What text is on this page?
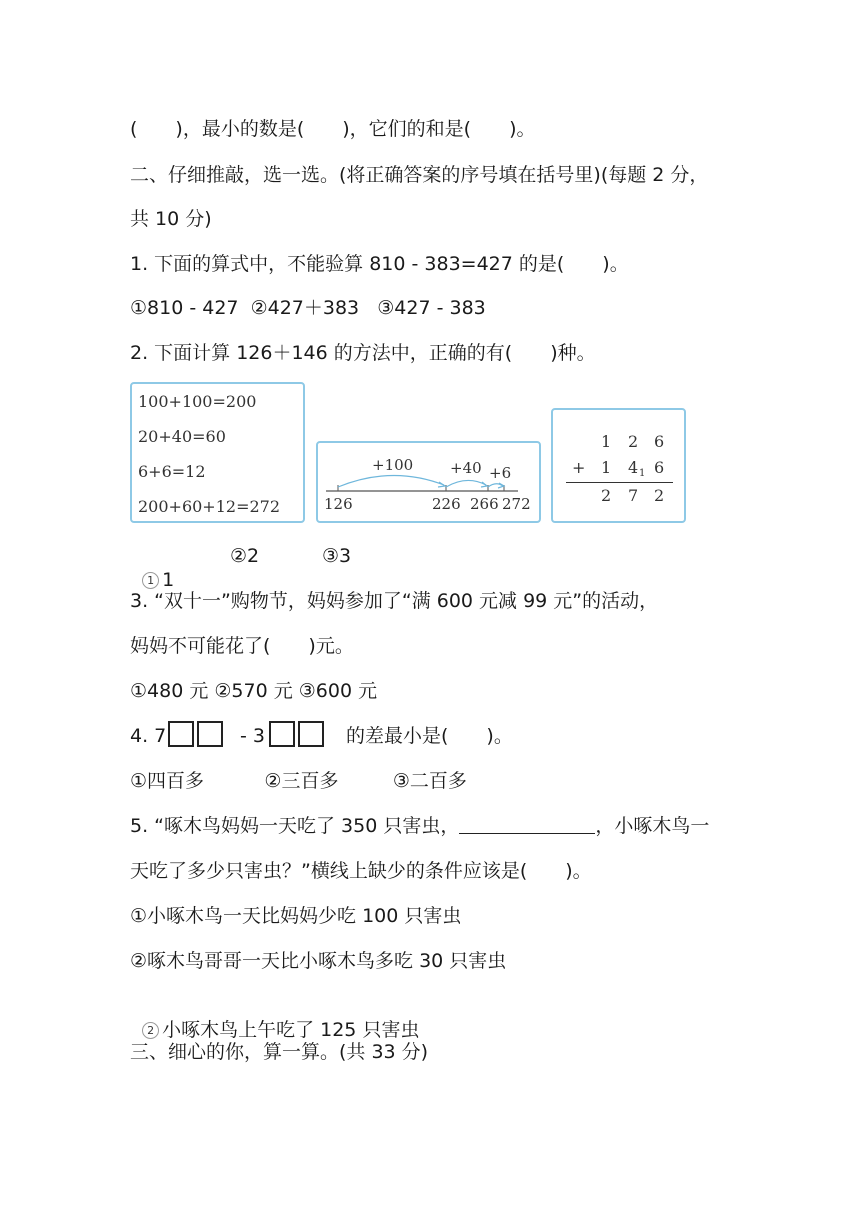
(　　)，最小的数是(　　)，它们的和是(　　)。
二、仔细推敲，选一选。(将正确答案的序号填在括号里)(每题 2 分，
共 10 分)
1. 下面的算式中，不能验算 810 - 383=427 的是(　　)。
①810 - 427  ②427＋383   ③427 - 383
2. 下面计算 126＋146 的方法中，正确的有(　　)种。
100+100=200
20+40=60
6+6=12
200+60+12=272
+100 +40 +6
126	226 266 272
1 2 6
+ 1 4 1 6
2 7 2

1 1

②2	③3
3. “双十一”购物节，妈妈参加了“满 600 元减 99 元”的活动，
妈妈不可能花了(　　)元。
①480 元 ②570 元 ③600 元
4. 7	- 3	的差最小是(　　)。
①四百多          ②三百多         ③二百多
5. “啄木鸟妈妈一天吃了 350 只害虫，	，小啄木鸟一
天吃了多少只害虫？”横线上缺少的条件应该是(　　)。
①小啄木鸟一天比妈妈少吃 100 只害虫
②啄木鸟哥哥一天比小啄木鸟多吃 30 只害虫

2 小啄木鸟上午吃了 125 只害虫

三、细心的你，算一算。(共 33 分)
